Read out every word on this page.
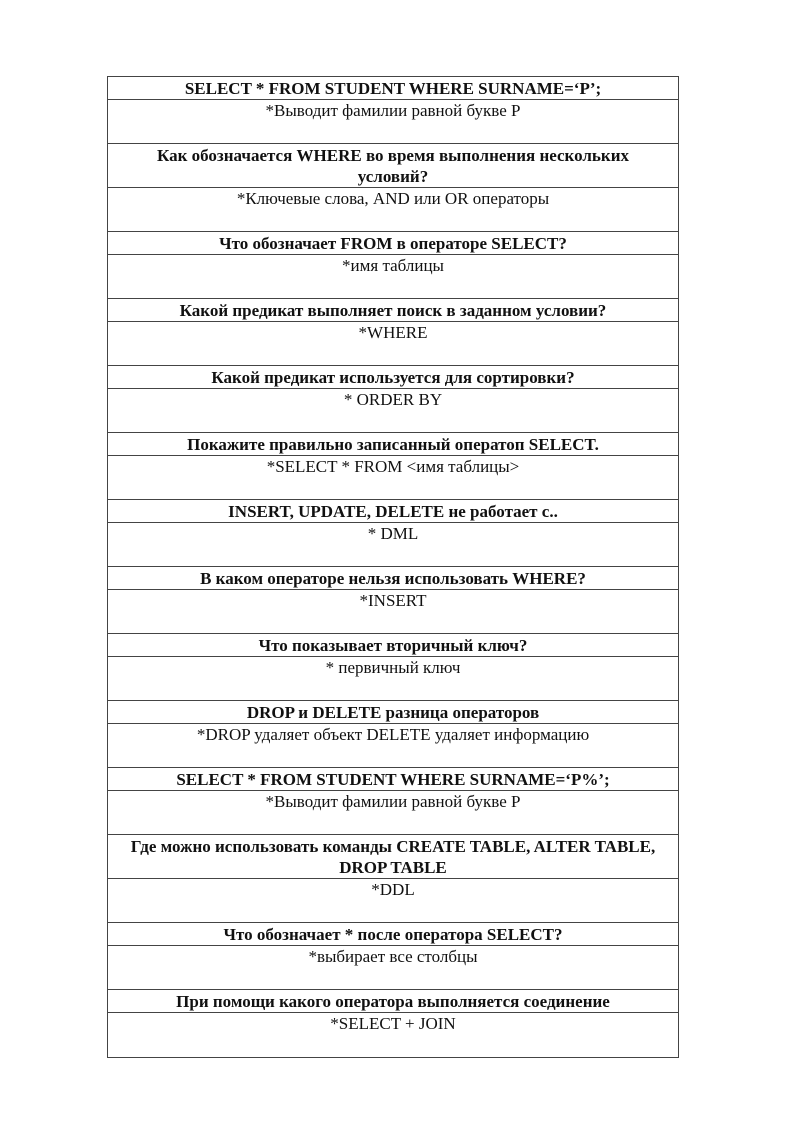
SELECT * FROM STUDENT WHERE SURNAME=‘Р’;
*Выводит фамилии равной букве Р
Как обозначается WHERE во время выполнения нескольких условий?
*Ключевые слова, AND или OR операторы
Что обозначает FROM в операторе SELECT?
*имя таблицы
Какой предикат выполняет поиск в заданном условии?
*WHERE
Какой предикат используется для сортировки?
* ORDER BY
Покажите правильно записанный оператоп SELECT.
*SELECT * FROM <имя таблицы>
INSERT, UPDATE, DELETE не работает с..
* DML
В каком операторе нельзя использовать WHERE?
*INSERT
Что показывает вторичный ключ?
* первичный ключ
DROP и DELETE разница операторов
*DROP удаляет объект DELETE удаляет информацию
SELECT * FROM STUDENT WHERE SURNAME=‘Р%’;
*Выводит фамилии равной букве Р
Где можно использовать команды CREATE TABLE, ALTER TABLE, DROP TABLE
*DDL
Что обозначает * после оператора SELECT?
*выбирает все столбцы
При помощи какого оператора выполняется соединение
*SELECT + JOIN
